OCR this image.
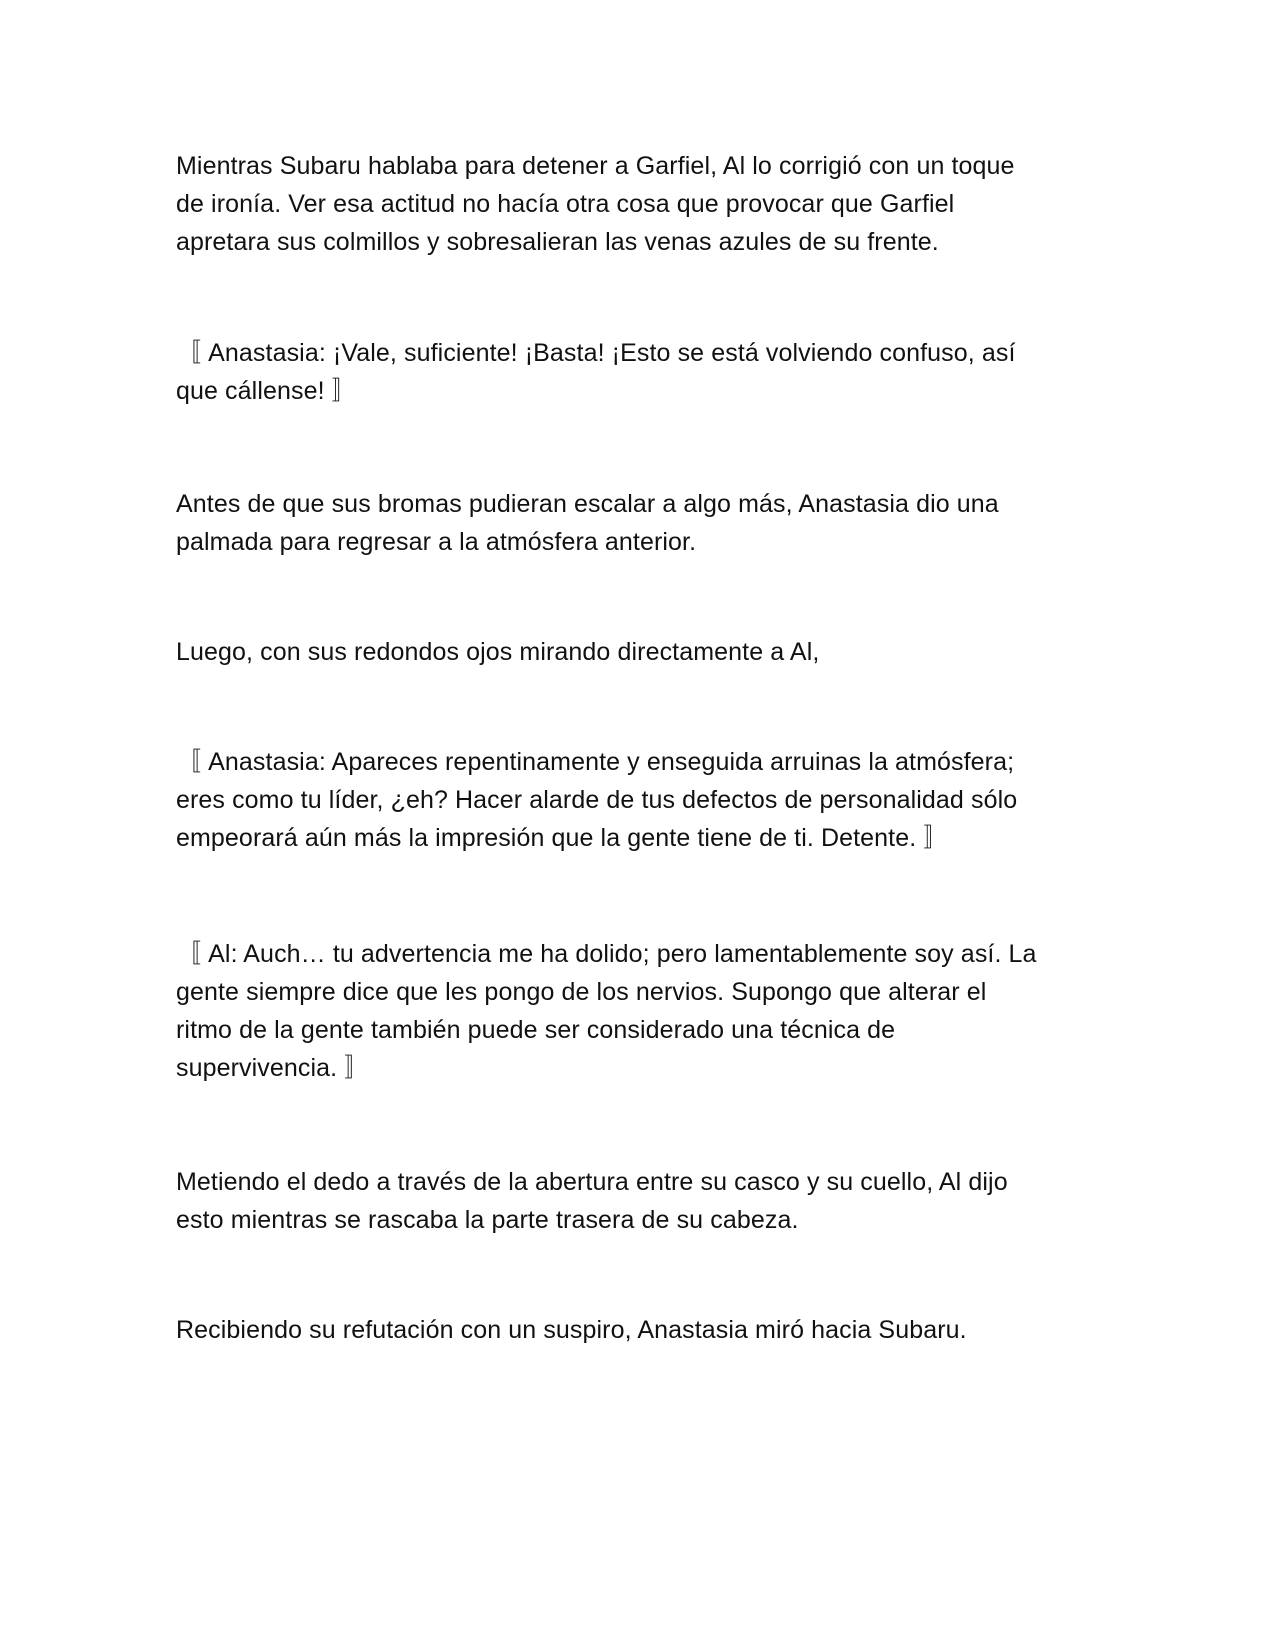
Mientras Subaru hablaba para detener a Garfiel, Al lo corrigió con un toque
de ironía. Ver esa actitud no hacía otra cosa que provocar que Garfiel
apretara sus colmillos y sobresalieran las venas azules de su frente.

〚 Anastasia: ¡Vale, suficiente! ¡Basta! ¡Esto se está volviendo confuso, así
que cállense! 〛

Antes de que sus bromas pudieran escalar a algo más, Anastasia dio una
palmada para regresar a la atmósfera anterior.

Luego, con sus redondos ojos mirando directamente a Al,

〚 Anastasia: Apareces repentinamente y enseguida arruinas la atmósfera;
eres como tu líder, ¿eh? Hacer alarde de tus defectos de personalidad sólo
empeorará aún más la impresión que la gente tiene de ti. Detente. 〛

〚 Al: Auch… tu advertencia me ha dolido; pero lamentablemente soy así. La
gente siempre dice que les pongo de los nervios. Supongo que alterar el
ritmo de la gente también puede ser considerado una técnica de
supervivencia. 〛

Metiendo el dedo a través de la abertura entre su casco y su cuello, Al dijo
esto mientras se rascaba la parte trasera de su cabeza.

Recibiendo su refutación con un suspiro, Anastasia miró hacia Subaru.
